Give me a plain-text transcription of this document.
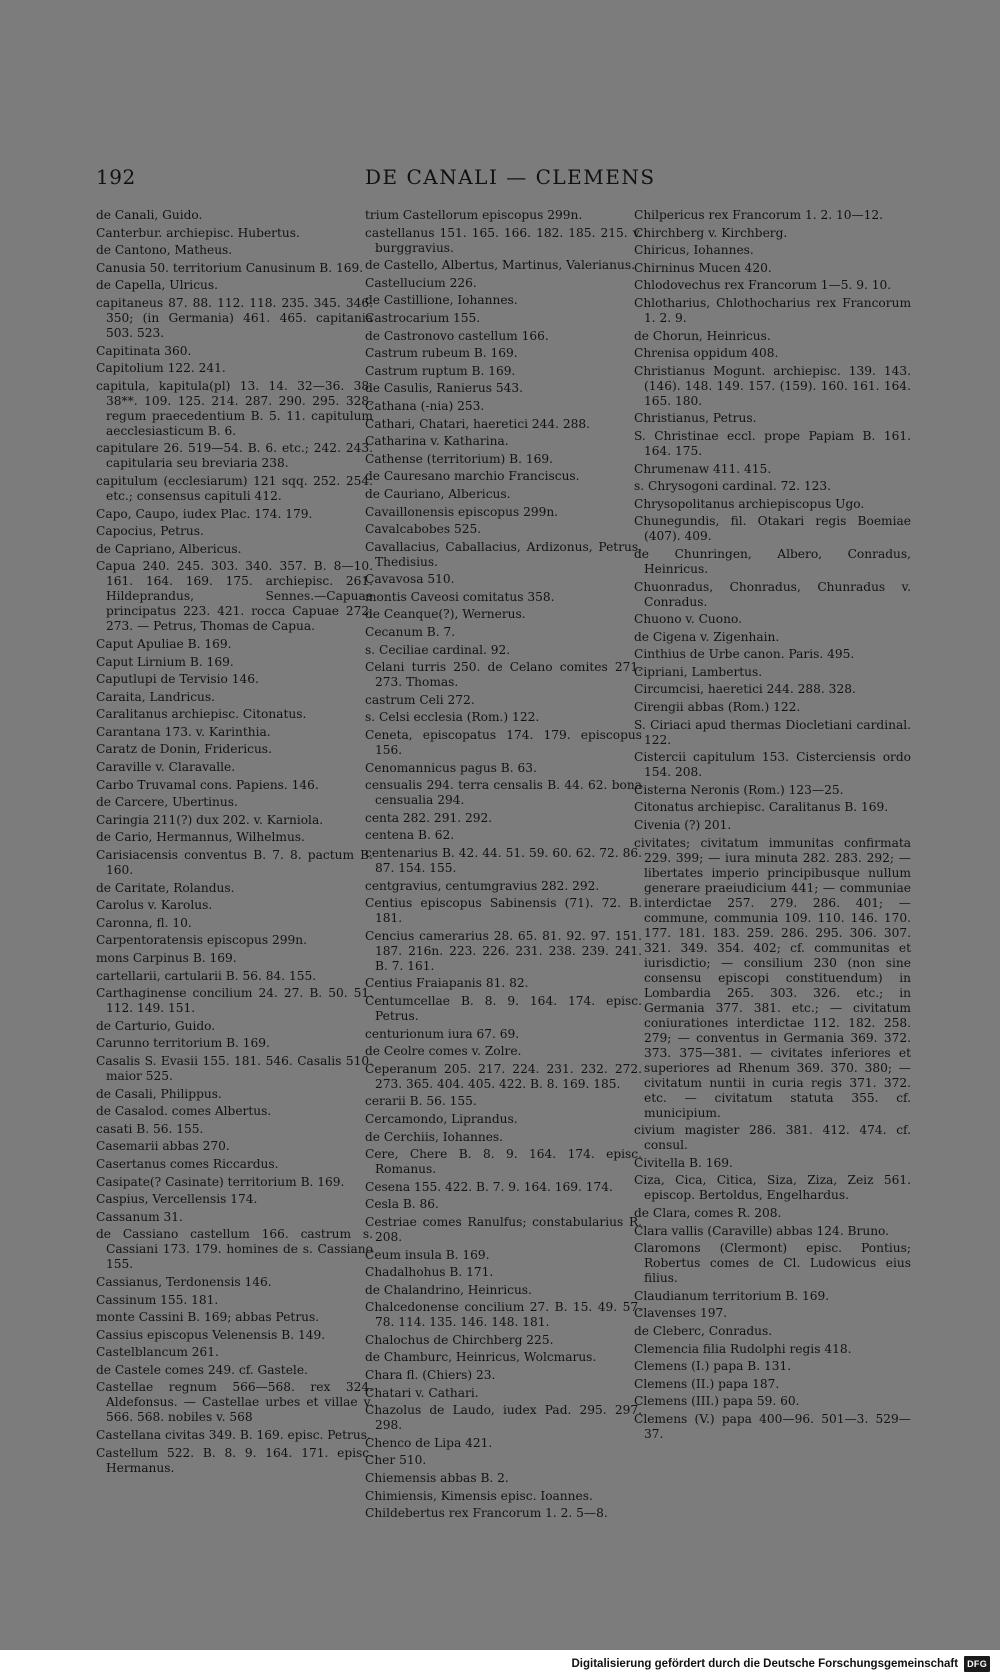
192	DE CANALI — CLEMENS
de Canali, Guido.
Canterbur. archiepisc. Hubertus.
de Cantono, Matheus.
Canusia 50. territorium Canusinum B. 169.
de Capella, Ulricus.
capitaneus 87. 88. 112. 118. 235. 345. 346. 350; (in Germania) 461. 465. capitania 503. 523.
Capitinata 360.
Capitolium 122. 241.
capitula, kapitula(pl) 13. 14. 32—36. 38. 38**. 109. 125. 214. 287. 290. 295. 328. regum praecedentium B. 5. 11. capitulum aecclesiasticum B. 6.
capitulare 26. 519—54. B. 6. etc.; 242. 243. capitularia seu breviaria 238.
capitulum (ecclesiarum) 121 sqq. 252. 254. etc.; consensus capituli 412.
Capo, Caupo, iudex Plac. 174. 179.
Capocius, Petrus.
de Capriano, Albericus.
Capua 240. 245. 303. 340. 357. B. 8—10. 161. 164. 169. 175. archiepisc. 261. Hildeprandus, Sennes.—Capuae principatus 223. 421. rocca Capuae 272. 273. — Petrus, Thomas de Capua.
Caput Apuliae B. 169.
Caput Lirnium B. 169.
Caputlupi de Tervisio 146.
Caraita, Landricus.
Caralitanus archiepisc. Citonatus.
Carantana 173. v. Karinthia.
Caratz de Donin, Fridericus.
Caraville v. Claravalle.
Carbo Truvamal cons. Papiens. 146.
de Carcere, Ubertinus.
Caringia 211(?) dux 202. v. Karniola.
de Cario, Hermannus, Wilhelmus.
Carisiacensis conventus B. 7. 8. pactum B. 160.
de Caritate, Rolandus.
Carolus v. Karolus.
Caronna, fl. 10.
Carpentoratensis episcopus 299n.
mons Carpinus B. 169.
cartellarii, cartularii B. 56. 84. 155.
Carthaginense concilium 24. 27. B. 50. 51. 112. 149. 151.
de Carturio, Guido.
Carunno territorium B. 169.
Casalis S. Evasii 155. 181. 546. Casalis 510. maior 525.
de Casali, Philippus.
de Casalod. comes Albertus.
casati B. 56. 155.
Casemarii abbas 270.
Casertanus comes Riccardus.
Casipate(? Casinate) territorium B. 169.
Caspius, Vercellensis 174.
Cassanum 31.
de Cassiano castellum 166. castrum s. Cassiani 173. 179. homines de s. Cassiano 155.
Cassianus, Terdonensis 146.
Cassinum 155. 181.
monte Cassini B. 169; abbas Petrus.
Cassius episcopus Velenensis B. 149.
Castelblancum 261.
de Castele comes 249. cf. Gastele.
Castellae regnum 566—568. rex 324. Aldefonsus. — Castellae urbes et villae v. 566. 568. nobiles v. 568
Castellana civitas 349. B. 169. episc. Petrus.
Castellum 522. B. 8. 9. 164. 171. episc. Hermanus.
trium Castellorum episcopus 299n.
castellanus 151. 165. 166. 182. 185. 215. v. burggravius.
de Castello, Albertus, Martinus, Valerianus.
Castellucium 226.
de Castillione, Iohannes.
Castrocarium 155.
de Castronovo castellum 166.
Castrum rubeum B. 169.
Castrum ruptum B. 169.
de Casulis, Ranierus 543.
Cathana (-nia) 253.
Cathari, Chatari, haeretici 244. 288.
Catharina v. Katharina.
Cathense (territorium) B. 169.
de Cauresano marchio Franciscus.
de Cauriano, Albericus.
Cavaillonensis episcopus 299n.
Cavalcabobes 525.
Cavallacius, Caballacius, Ardizonus, Petrus, Thedisius.
Cavavosa 510.
montis Caveosi comitatus 358.
de Ceanque(?), Wernerus.
Cecanum B. 7.
s. Ceciliae cardinal. 92.
Celani turris 250. de Celano comites 271. 273. Thomas.
castrum Celi 272.
s. Celsi ecclesia (Rom.) 122.
Ceneta, episcopatus 174. 179. episcopus 156.
Cenomannicus pagus B. 63.
censualis 294. terra censalis B. 44. 62. bona censualia 294.
centa 282. 291. 292.
centena B. 62.
centenarius B. 42. 44. 51. 59. 60. 62. 72. 86. 87. 154. 155.
centgravius, centumgravius 282. 292.
Centius episcopus Sabinensis (71). 72. B. 181.
Cencius camerarius 28. 65. 81. 92. 97. 151. 187. 216n. 223. 226. 231. 238. 239. 241. B. 7. 161.
Centius Fraiapanis 81. 82.
Centumcellae B. 8. 9. 164. 174. episc. Petrus.
centurionum iura 67. 69.
de Ceolre comes v. Zolre.
Ceperanum 205. 217. 224. 231. 232. 272. 273. 365. 404. 405. 422. B. 8. 169. 185.
cerarii B. 56. 155.
Cercamondo, Liprandus.
de Cerchiis, Iohannes.
Cere, Chere B. 8. 9. 164. 174. episc. Romanus.
Cesena 155. 422. B. 7. 9. 164. 169. 174.
Cesla B. 86.
Cestriae comes Ranulfus; constabularius R. 208.
Ceum insula B. 169.
Chadalhohus B. 171.
de Chalandrino, Heinricus.
Chalcedonense concilium 27. B. 15. 49. 57. 78. 114. 135. 146. 148. 181.
Chalochus de Chirchberg 225.
de Chamburc, Heinricus, Wolcmarus.
Chara fl. (Chiers) 23.
Chatari v. Cathari.
Chazolus de Laudo, iudex Pad. 295. 297. 298.
Chenco de Lipa 421.
Cher 510.
Chiemensis abbas B. 2.
Chimiensis, Kimensis episc. Ioannes.
Childebertus rex Francorum 1. 2. 5—8.
Chilpericus rex Francorum 1. 2. 10—12.
Chirchberg v. Kirchberg.
Chiricus, Iohannes.
Chirninus Mucen 420.
Chlodovechus rex Francorum 1—5. 9. 10.
Chlotharius, Chlothocharius rex Francorum 1. 2. 9.
de Chorun, Heinricus.
Chrenisa oppidum 408.
Christianus Mogunt. archiepisc. 139. 143. (146). 148. 149. 157. (159). 160. 161. 164. 165. 180.
Christianus, Petrus.
S. Christinae eccl. prope Papiam B. 161. 164. 175.
Chrumenaw 411. 415.
s. Chrysogoni cardinal. 72. 123.
Chrysopolitanus archiepiscopus Ugo.
Chunegundis, fil. Otakari regis Boemiae (407). 409.
de Chunringen, Albero, Conradus, Heinricus.
Chuonradus, Chonradus, Chunradus v. Conradus.
Chuono v. Cuono.
de Cigena v. Zigenhain.
Cinthius de Urbe canon. Paris. 495.
Cipriani, Lambertus.
Circumcisi, haeretici 244. 288. 328.
Cirengii abbas (Rom.) 122.
S. Ciriaci apud thermas Diocletiani cardinal. 122.
Cistercii capitulum 153. Cisterciensis ordo 154. 208.
Cisterna Neronis (Rom.) 123—25.
Citonatus archiepisc. Caralitanus B. 169.
Civenia (?) 201.
civitates; civitatum immunitas confirmata 229. 399; — iura minuta 282. 283. 292; — libertates imperio principibusque nullum generare praeiudicium 441; — communiae interdictae 257. 279. 286. 401; — commune, communia 109. 110. 146. 170. 177. 181. 183. 259. 286. 295. 306. 307. 321. 349. 354. 402; cf. communitas et iurisdictio; — consilium 230 (non sine consensu episcopi constituendum) in Lombardia 265. 303. 326. etc.; in Germania 377. 381. etc.; — civitatum coniurationes interdictae 112. 182. 258. 279; — conventus in Germania 369. 372. 373. 375—381. — civitates inferiores et superiores ad Rhenum 369. 370. 380; — civitatum nuntii in curia regis 371. 372. etc. — civitatum statuta 355. cf. municipium.
civium magister 286. 381. 412. 474. cf. consul.
Civitella B. 169.
Ciza, Cica, Citica, Siza, Ziza, Zeiz 561. episcop. Bertoldus, Engelhardus.
de Clara, comes R. 208.
Clara vallis (Caraville) abbas 124. Bruno.
Claromons (Clermont) episc. Pontius; Robertus comes de Cl. Ludowicus eius filius.
Claudianum territorium B. 169.
Clavenses 197.
de Cleberc, Conradus.
Clemencia filia Rudolphi regis 418.
Clemens (I.) papa B. 131.
Clemens (II.) papa 187.
Clemens (III.) papa 59. 60.
Clemens (V.) papa 400—96. 501—3. 529—37.
Digitalisierung gefördert durch die Deutsche Forschungsgemeinschaft	DFG
